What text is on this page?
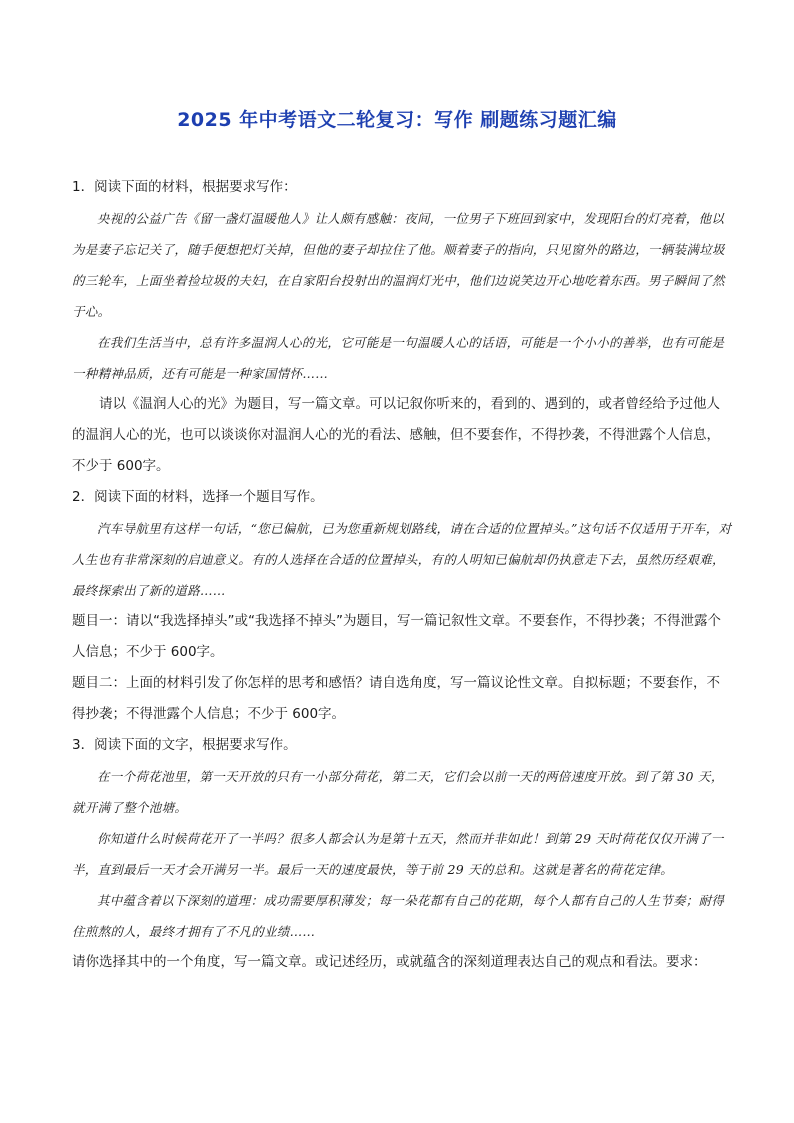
2025 年中考语文二轮复习：写作 刷题练习题汇编

1．阅读下面的材料，根据要求写作：

央视的公益广告《留一盏灯温暖他人》让人颇有感触：夜间，一位男子下班回到家中，发现阳台的灯亮着，他以为是妻子忘记关了，随手便想把灯关掉，但他的妻子却拉住了他。顺着妻子的指向，只见窗外的路边，一辆装满垃圾的三轮车，上面坐着捡垃圾的夫妇，在自家阳台投射出的温润灯光中，他们边说笑边开心地吃着东西。男子瞬间了然于心。

在我们生活当中，总有许多温润人心的光，它可能是一句温暖人心的话语，可能是一个小小的善举，也有可能是一种精神品质，还有可能是一种家国情怀……

请以《温润人心的光》为题目，写一篇文章。可以记叙你听来的，看到的、遇到的，或者曾经给予过他人的温润人心的光，也可以谈谈你对温润人心的光的看法、感触，但不要套作，不得抄袭，不得泄露个人信息，不少于 600字。

2．阅读下面的材料，选择一个题目写作。

汽车导航里有这样一句话，“您已偏航，已为您重新规划路线，请在合适的位置掉头。”这句话不仅适用于开车，对人生也有非常深刻的启迪意义。有的人选择在合适的位置掉头，有的人明知已偏航却仍执意走下去，虽然历经艰难，最终探索出了新的道路……

题目一：请以“我选择掉头”或“我选择不掉头”为题目，写一篇记叙性文章。不要套作，不得抄袭；不得泄露个人信息；不少于 600字。

题目二：上面的材料引发了你怎样的思考和感悟？请自选角度，写一篇议论性文章。自拟标题；不要套作，不得抄袭；不得泄露个人信息；不少于 600字。

3．阅读下面的文字，根据要求写作。

在一个荷花池里，第一天开放的只有一小部分荷花，第二天，它们会以前一天的两倍速度开放。到了第 30 天，就开满了整个池塘。

你知道什么时候荷花开了一半吗？很多人都会认为是第十五天，然而并非如此！到第 29 天时荷花仅仅开满了一半，直到最后一天才会开满另一半。最后一天的速度最快，等于前 29 天的总和。这就是著名的荷花定律。

其中蕴含着以下深刻的道理：成功需要厚积薄发；每一朵花都有自己的花期，每个人都有自己的人生节奏；耐得住煎熬的人，最终才拥有了不凡的业绩……

请你选择其中的一个角度，写一篇文章。或记述经历，或就蕴含的深刻道理表达自己的观点和看法。要求：
